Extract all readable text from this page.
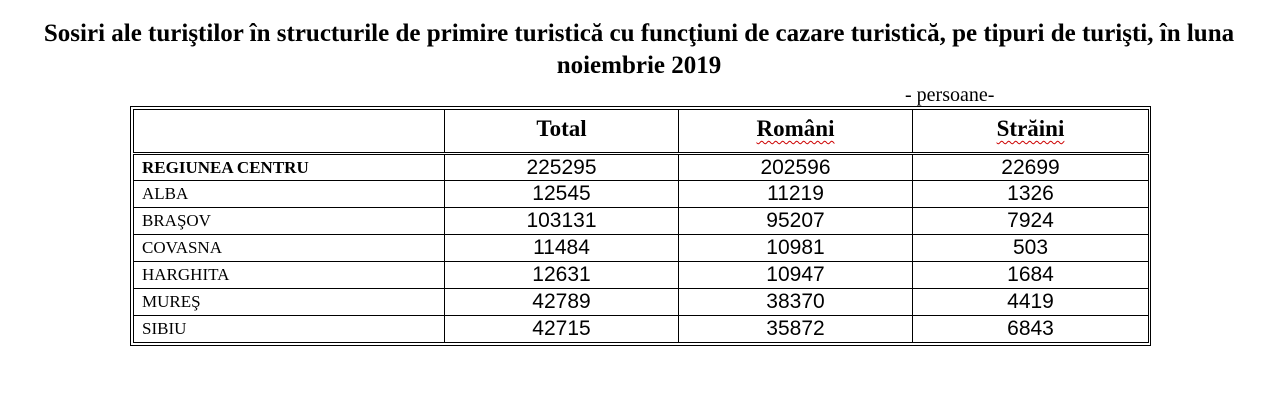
Sosiri ale turiştilor în structurile de primire turistică cu funcţiuni de cazare turistică, pe tipuri de turişti, în luna noiembrie 2019
- persoane-
	Total	Români	Străini
REGIUNEA CENTRU	225295	202596	22699
ALBA	12545	11219	1326
BRAŞOV	103131	95207	7924
COVASNA	11484	10981	503
HARGHITA	12631	10947	1684
MUREŞ	42789	38370	4419
SIBIU	42715	35872	6843
